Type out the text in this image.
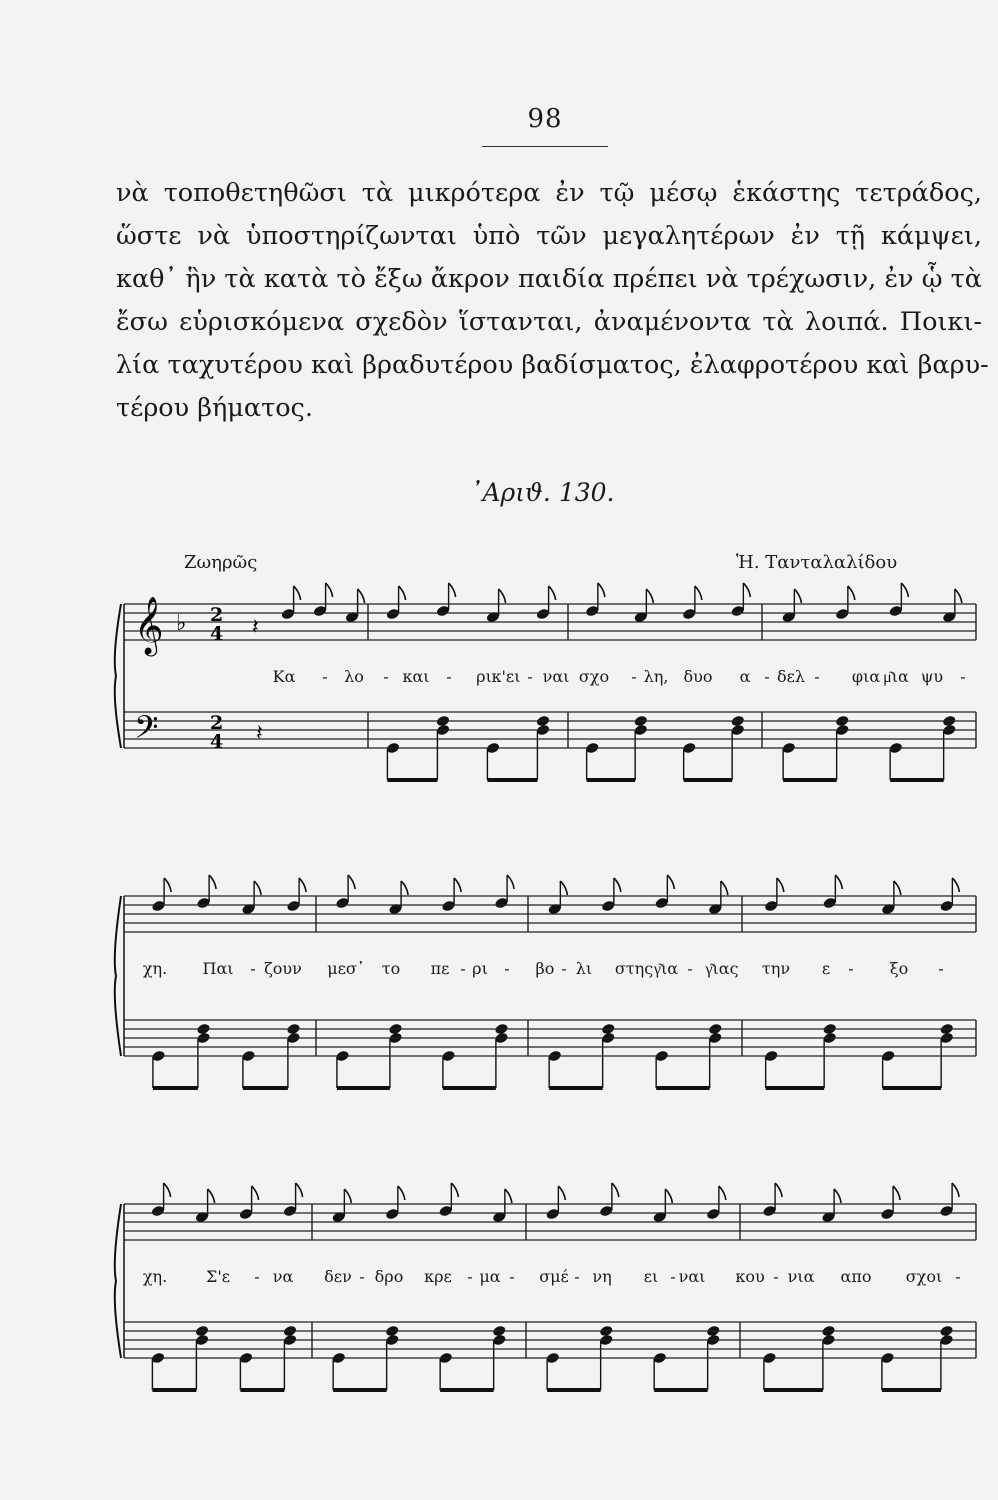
98
νὰ τοποθετηθῶσι τὰ μικρότερα ἐν τῷ μέσῳ ἑκάστης τετράδος,
ὥστε νὰ ὑποστηρίζωνται ὑπὸ τῶν μεγαλητέρων ἐν τῇ κάμψει,
καθ᾽ ἣν τὰ κατὰ τὸ ἔξω ἄκρον παιδία πρέπει νὰ τρέχωσιν, ἐν ᾧ τὰ
ἔσω εὑρισκόμενα σχεδὸν ἵστανται, ἀναμένοντα τὰ λοιπά. Ποικι-
λία ταχυτέρου καὶ βραδυτέρου βαδίσματος, ἐλαφροτέρου καὶ βαρυ-
τέρου βήματος.
᾽Αριϑ. 130.
Ζωηρῶς	Ἡ. Τανταλαλίδου
𝄞
𝄢
♭ 2
4
2
4
𝄽
𝄽
Κα - λο - και - ρι κ'ει - ναι σχο - λη, δυο α - δελ - φια μ͂ια ψυ -
χη. Παι - ζουν μεσ᾽ το πε - ρι - βο - λι στης γ͂ια - γ͂ιας την ε - ξο -
χη. Σ'ε - να δεν - δρο κρε - μα - σμέ - νη ει - ναι κου - νια απο σχοι -
